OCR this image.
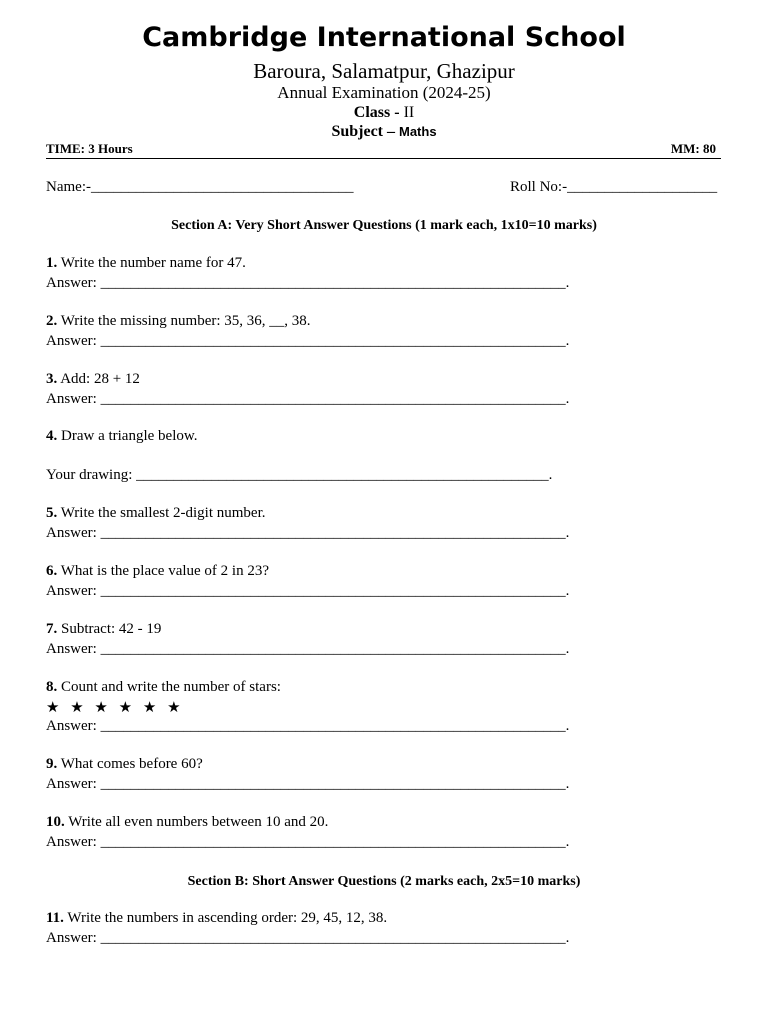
Cambridge International School
Baroura, Salamatpur, Ghazipur
Annual Examination (2024-25)
Class - II
Subject – Maths
TIME: 3 Hours	MM: 80
Name:-___________________________________	Roll No:-____________________
Section A: Very Short Answer Questions (1 mark each, 1x10=10 marks)
1. Write the number name for 47.
Answer: ______________________________________________________________.
2. Write the missing number: 35, 36, __, 38.
Answer: ______________________________________________________________.
3. Add: 28 + 12
Answer: ______________________________________________________________.
4. Draw a triangle below.
Your drawing: _______________________________________________________.
5. Write the smallest 2-digit number.
Answer: ______________________________________________________________.
6. What is the place value of 2 in 23?
Answer: ______________________________________________________________.
7. Subtract: 42 - 19
Answer: ______________________________________________________________.
8. Count and write the number of stars:
★ ★ ★ ★ ★ ★
Answer: ______________________________________________________________.
9. What comes before 60?
Answer: ______________________________________________________________.
10. Write all even numbers between 10 and 20.
Answer: ______________________________________________________________.
Section B: Short Answer Questions (2 marks each, 2x5=10 marks)
11. Write the numbers in ascending order: 29, 45, 12, 38.
Answer: ______________________________________________________________.
